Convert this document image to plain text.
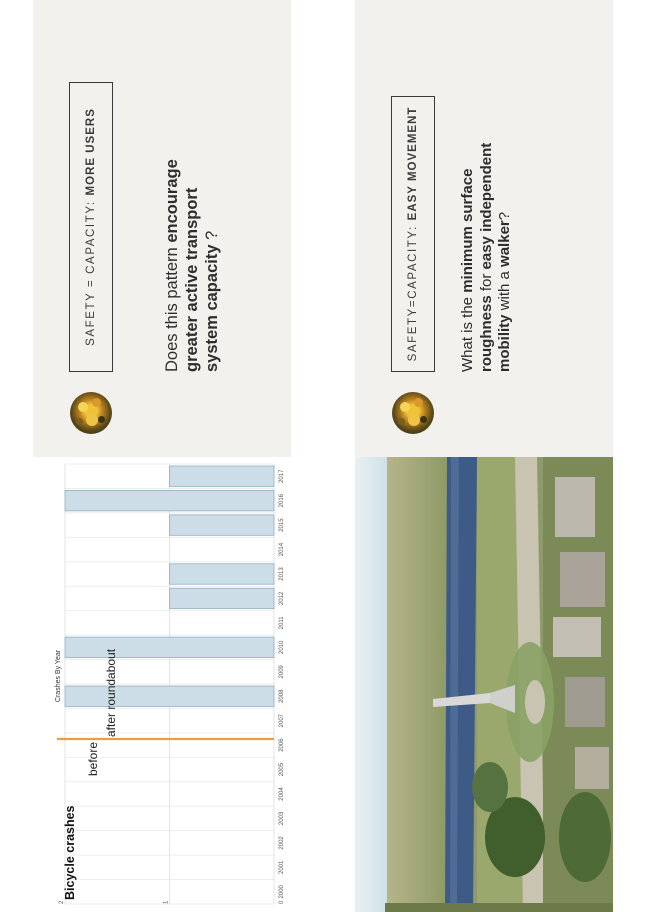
SAFETY = CAPACITY:

MORE USERS
Does this pattern encourage greater active transport system capacity ?	SAFETY=CAPACITY:

EASY MOVEMENT
What is the minimum surface roughness for easy independent mobility with a walker?
0
1
2
2000
2001
2002
2003
2004
2005
2006
2007
2008
2009
2010
2011
2012
2013
2014
2015
2016
2017
Crashes By Year
Bicycle crashes
before
after roundabout
